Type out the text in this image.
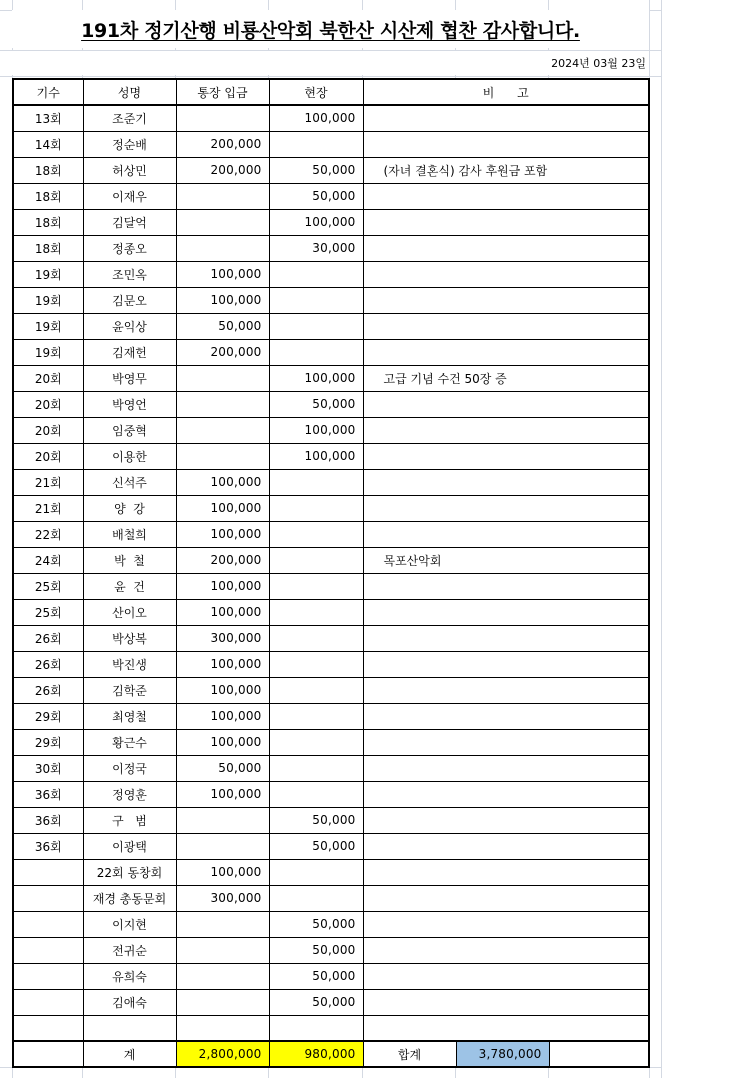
191차 정기산행 비룡산악회 북한산 시산제 협찬 감사합니다.
2024년 03월 23일
기수	성명	통장 입금	현장	비      고		
13회	조준기		100,000			
14회	정순배	200,000				
18회	허상민	200,000	50,000	(자녀 결혼식) 감사 후원금 포함		
18회	이재우		50,000			
18회	김달억		100,000			
18회	정종오		30,000			
19회	조민옥	100,000				
19회	김문오	100,000				
19회	윤익상	50,000				
19회	김재헌	200,000				
20회	박영무		100,000	고급 기념 수건 50장 증		
20회	박영언		50,000			
20회	임중혁		100,000			
20회	이용한		100,000			
21회	신석주	100,000				
21회	양  강	100,000				
22회	배철희	100,000				
24회	박  철	200,000		목포산악회		
25회	윤  건	100,000				
25회	산이오	100,000				
26회	박상복	300,000				
26회	박진생	100,000				
26회	김학준	100,000				
29회	최영철	100,000				
29회	황근수	100,000				
30회	이정국	50,000				
36회	정영훈	100,000				
36회	구   범		50,000			
36회	이광택		50,000			
	22회 동창회	100,000				
	재경 총동문회	300,000				
	이지현		50,000			
	전귀순		50,000			
	유희숙		50,000			
	김애숙		50,000			

	계	2,800,000	980,000	합계	3,780,000	
